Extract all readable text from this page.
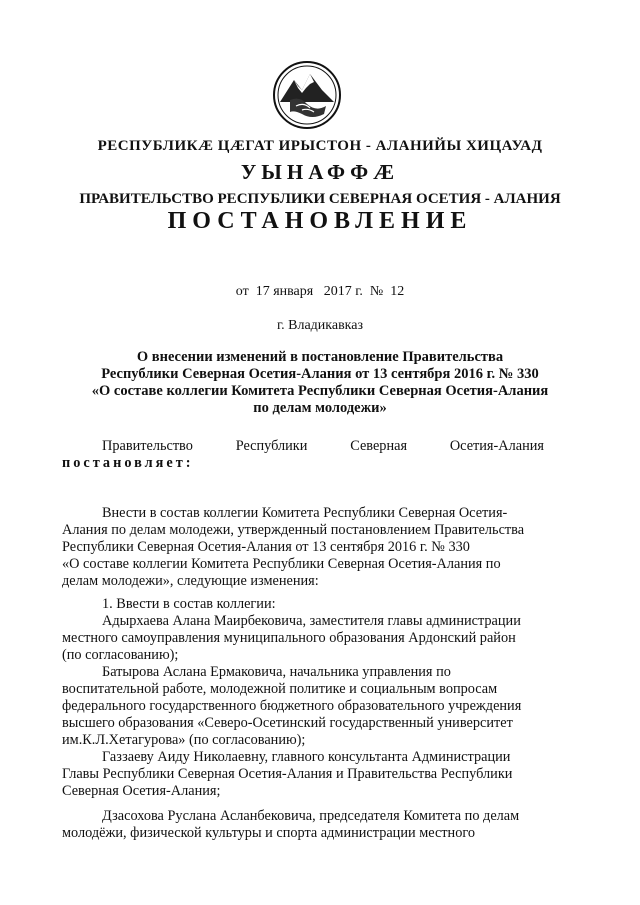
РЕСПУБЛИКÆ ЦÆГАТ ИРЫСТОН - АЛАНИЙЫ ХИЦАУАД
УЫНАФФÆ
ПРАВИТЕЛЬСТВО РЕСПУБЛИКИ СЕВЕРНАЯ ОСЕТИЯ - АЛАНИЯ
ПОСТАНОВЛЕНИЕ
от 17 января 2017 г. № 12
г. Владикавказ
О внесении изменений в постановление Правительства
Республики Северная Осетия-Алания от 13 сентября 2016 г. № 330
«О составе коллегии Комитета Республики Северная Осетия-Алания
по делам молодежи»
Правительство	Республики	Северная	Осетия-Алания
постановляет:
Внести в состав коллегии Комитета Республики Северная Осетия-
Алания по делам молодежи, утвержденный постановлением Правительства
Республики Северная Осетия-Алания от 13 сентября 2016 г. № 330
«О составе коллегии Комитета Республики Северная Осетия-Алания по
делам молодежи», следующие изменения:
1. Ввести в состав коллегии:
Адырхаева Алана Маирбековича, заместителя главы администрации
местного самоуправления муниципального образования Ардонский район
(по согласованию);
Батырова Аслана Ермаковича, начальника управления по
воспитательной работе, молодежной политике и социальным вопросам
федерального государственного бюджетного образовательного учреждения
высшего образования «Северо-Осетинский государственный университет
им.К.Л.Хетагурова» (по согласованию);
Газзаеву Аиду Николаевну, главного консультанта Администрации
Главы Республики Северная Осетия-Алания и Правительства Республики
Северная Осетия-Алания;
Дзасохова Руслана Асланбековича, председателя Комитета по делам
молодёжи, физической культуры и спорта администрации местного
